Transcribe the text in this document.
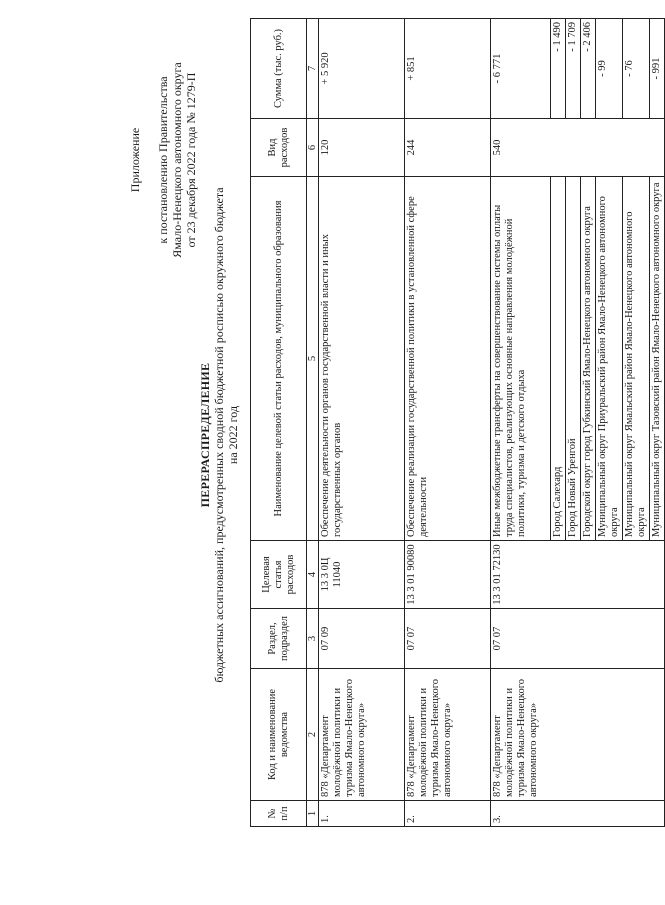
Приложение к постановлению Правительства Ямало-Ненецкого автономного округа от 23 декабря 2022 года № 1279-П
ПЕРЕРАСПРЕДЕЛЕНИЕ бюджетных ассигнований, предусмотренных сводной бюджетной росписью окружного бюджета на 2022 год
№ п/п	Код и наименование ведомства	Раздел, подраздел	Целевая статья расходов	Наименование целевой статьи расходов, муниципального образования	Вид расходов	Сумма (тыс. руб.)
1	2	3	4	5	6	7
1.	878 «Департамент молодёжной политики и туризма Ямало-Ненецкого автономного округа»	07 09	13 3 0Ц 11040	Обеспечение деятельности органов государственной власти и иных государственных органов	120	+ 5 920
2.	878 «Департамент молодёжной политики и туризма Ямало-Ненецкого автономного округа»	07 07	13 3 01 90080	Обеспечение реализации государственной политики в установленной сфере деятельности	244	+ 851
3.	878 «Департамент молодёжной политики и туризма Ямало-Ненецкого автономного округа»	07 07	13 3 01 72130	Иные межбюджетные трансферты на совершенствование системы оплаты труда специалистов, реализующих основные направления молодёжной политики, туризма и детского отдыха	540	- 6 771
				Город Салехард		- 1 490
				Город Новый Уренгой		- 1 709
				Городской округ город Губкинский Ямало-Ненецкого автономного округа		- 2 406
				Муниципальный округ Приуральский район Ямало-Ненецкого автономного округа		- 99
				Муниципальный округ Ямальский район Ямало-Ненецкого автономного округа		- 76
				Муниципальный округ Тазовский район Ямало-Ненецкого автономного округа		- 991
